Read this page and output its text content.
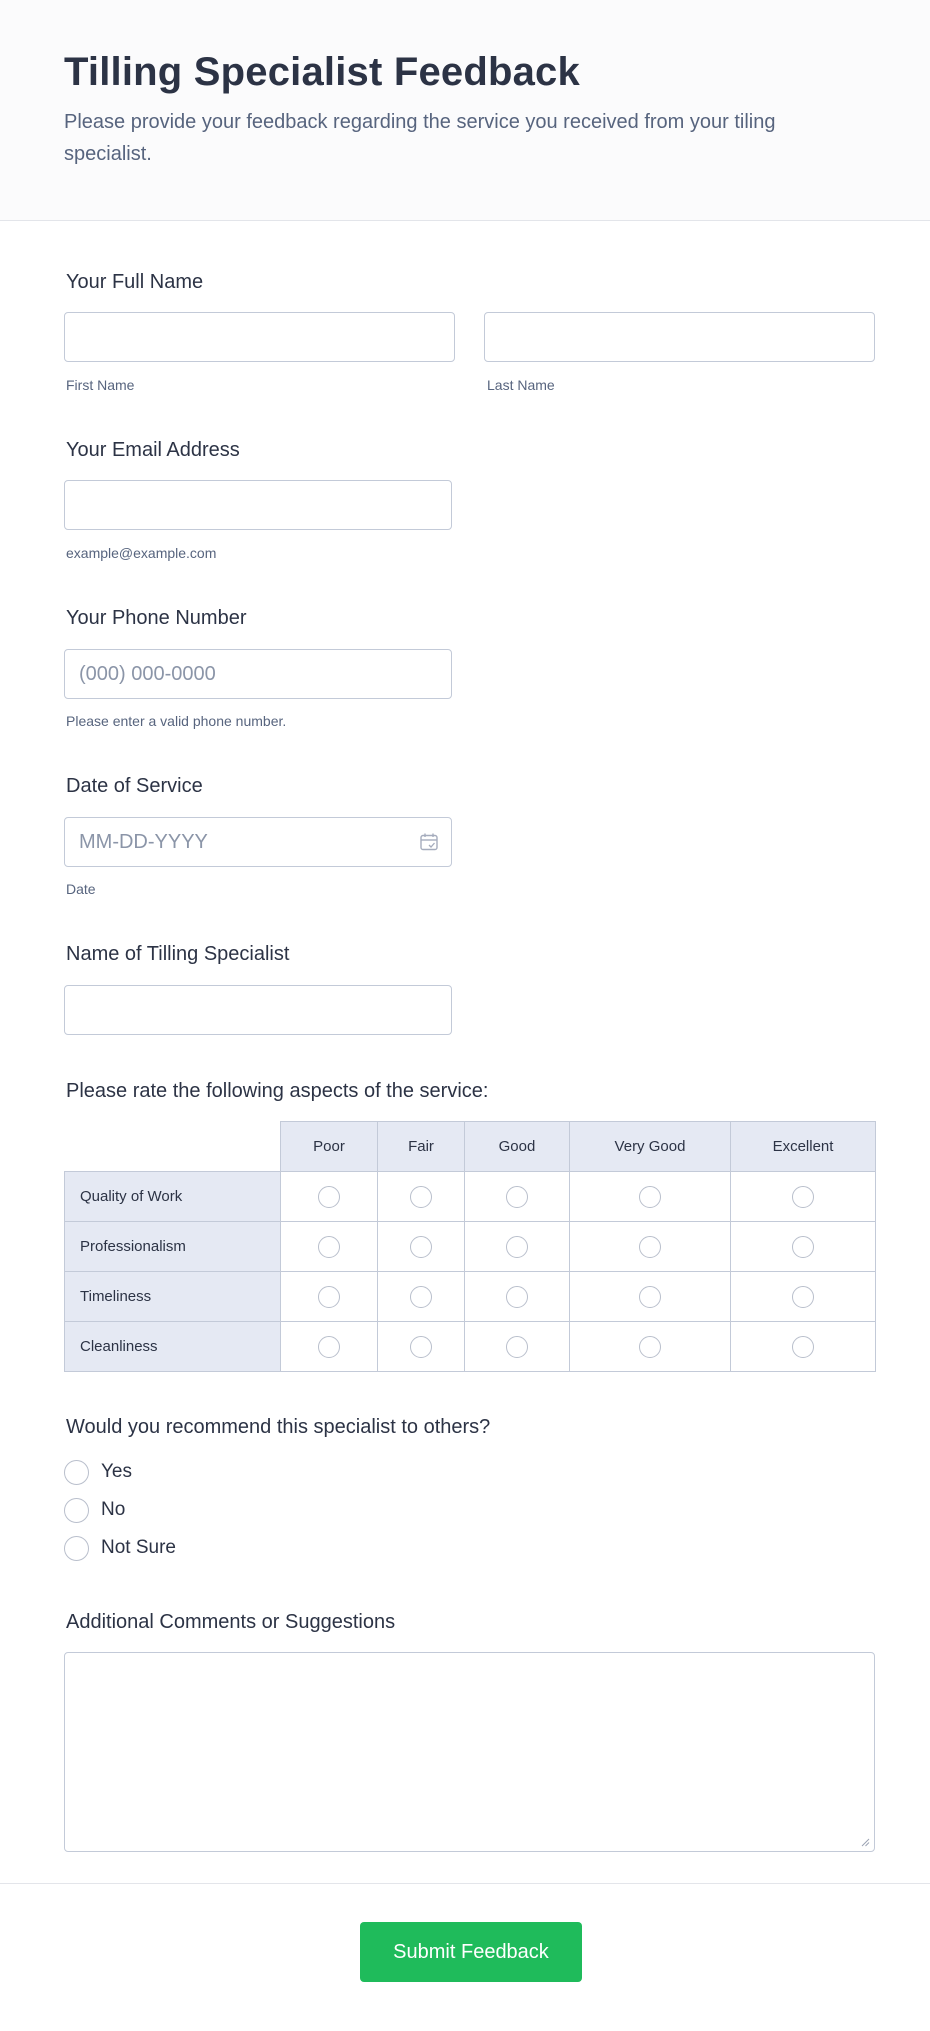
Tilling Specialist Feedback

Please provide your feedback regarding the service you received from your tiling specialist.

Your Full Name

First Name	Last Name

Your Email Address

example@example.com

Your Phone Number

(000) 000-0000
Please enter a valid phone number.

Date of Service

MM-DD-YYYY
Date

Name of Tilling Specialist

Please rate the following aspects of the service:

	Poor	Fair	Good	Very Good	Excellent
Quality of Work					
Professionalism					
Timeliness					
Cleanliness					

Would you recommend this specialist to others?

Yes
No
Not Sure

Additional Comments or Suggestions

Submit Feedback
